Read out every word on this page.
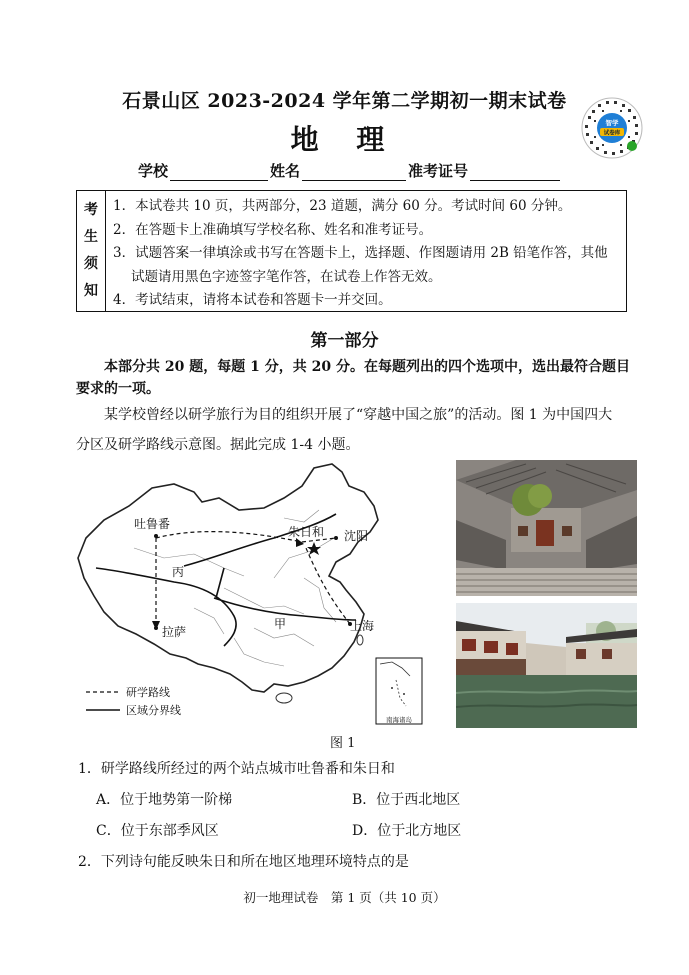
石景山区 2023-2024 学年第二学期初一期末试卷
地 理
学校	姓名	准考证号
智学
试卷库
考
生
须
知
1．本试卷共 10 页，共两部分，23 道题，满分 60 分。考试时间 60 分钟。
2．在答题卡上准确填写学校名称、姓名和准考证号。
3．试题答案一律填涂或书写在答题卡上，选择题、作图题请用 2B 铅笔作答，其他
试题请用黑色字迹签字笔作答，在试卷上作答无效。
4．考试结束，请将本试卷和答题卡一并交回。
第一部分
本部分共 20 题，每题 1 分，共 20 分。在每题列出的四个选项中，选出最符合题目
要求的一项。
某学校曾经以研学旅行为目的组织开展了“穿越中国之旅”的活动。图 1 为中国四大
分区及研学路线示意图。据此完成 1-4 小题。
吐鲁番
朱日和 沈阳
拉萨	上海
丙
甲
南海诸岛
研学路线
区域分界线
图 1
1．研学路线所经过的两个站点城市吐鲁番和朱日和
A．位于地势第一阶梯	B．位于西北地区
C．位于东部季风区	D．位于北方地区
2．下列诗句能反映朱日和所在地区地理环境特点的是
初一地理试卷　第 1 页（共 10 页）
